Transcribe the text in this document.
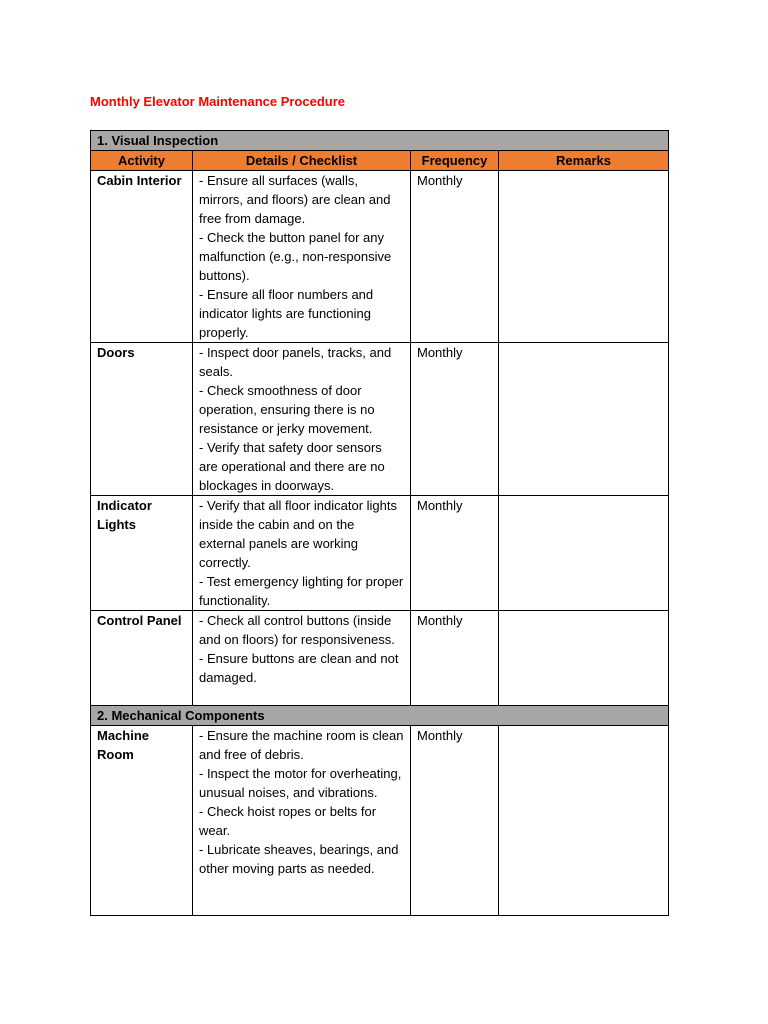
Monthly Elevator Maintenance Procedure
1. Visual Inspection			
Activity	Details / Checklist	Frequency	Remarks
Cabin Interior	- Ensure all surfaces (walls, mirrors, and floors) are clean and free from damage.
- Check the button panel for any malfunction (e.g., non-responsive buttons).
- Ensure all floor numbers and indicator lights are functioning properly.	Monthly	
Doors	- Inspect door panels, tracks, and seals.
- Check smoothness of door operation, ensuring there is no resistance or jerky movement.
- Verify that safety door sensors are operational and there are no blockages in doorways.	Monthly	
Indicator Lights	- Verify that all floor indicator lights inside the cabin and on the external panels are working correctly.
- Test emergency lighting for proper functionality.	Monthly	
Control Panel	- Check all control buttons (inside and on floors) for responsiveness.
- Ensure buttons are clean and not damaged.	Monthly	
2. Mechanical Components			
Machine Room	- Ensure the machine room is clean and free of debris.
- Inspect the motor for overheating, unusual noises, and vibrations.
- Check hoist ropes or belts for wear.
- Lubricate sheaves, bearings, and other moving parts as needed.	Monthly	
